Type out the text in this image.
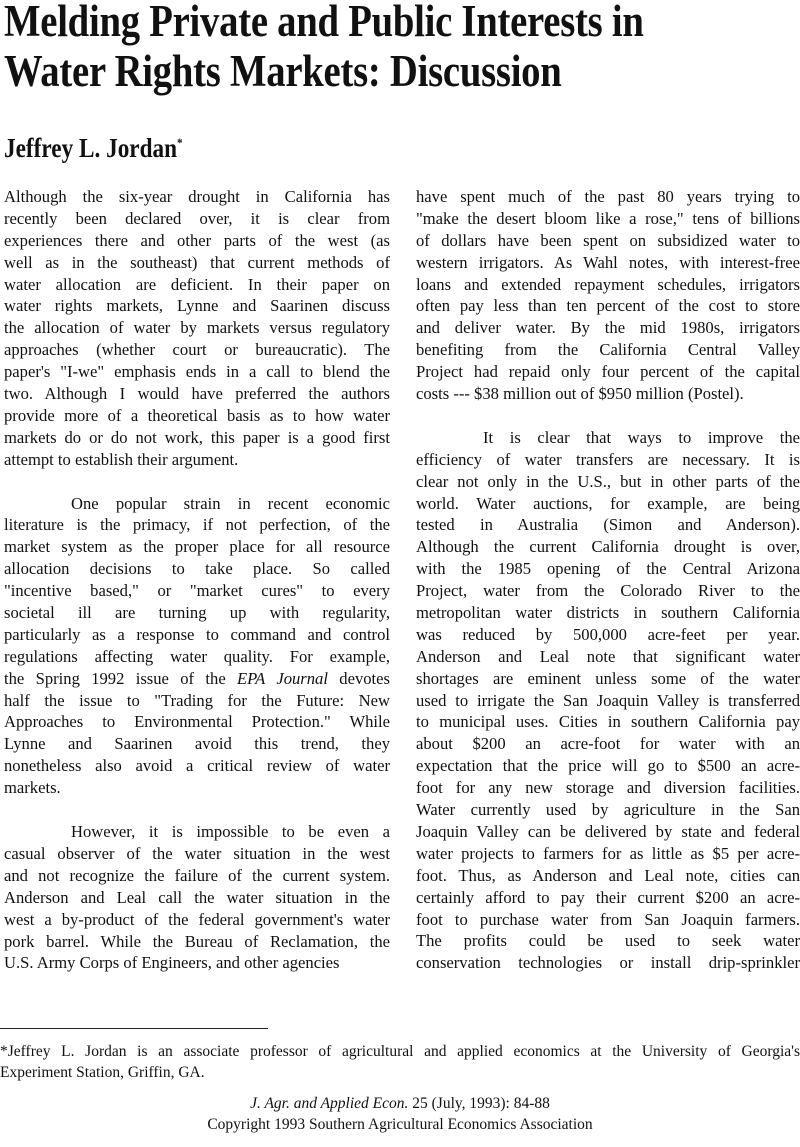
Melding Private and Public Interests in
Water Rights Markets: Discussion
Jeffrey L. Jordan*
Although the six-year drought in California has
recently been declared over, it is clear from
experiences there and other parts of the west (as
well as in the southeast) that current methods of
water allocation are deficient. In their paper on
water rights markets, Lynne and Saarinen discuss
the allocation of water by markets versus regulatory
approaches (whether court or bureaucratic). The
paper's "I-we" emphasis ends in a call to blend the
two. Although I would have preferred the authors
provide more of a theoretical basis as to how water
markets do or do not work, this paper is a good first
attempt to establish their argument.
One popular strain in recent economic
literature is the primacy, if not perfection, of the
market system as the proper place for all resource
allocation decisions to take place. So called
"incentive based," or "market cures" to every
societal ill are turning up with regularity,
particularly as a response to command and control
regulations affecting water quality. For example,
the Spring 1992 issue of the EPA Journal devotes
half the issue to "Trading for the Future: New
Approaches to Environmental Protection." While
Lynne and Saarinen avoid this trend, they
nonetheless also avoid a critical review of water
markets.
However, it is impossible to be even a
casual observer of the water situation in the west
and not recognize the failure of the current system.
Anderson and Leal call the water situation in the
west a by-product of the federal government's water
pork barrel. While the Bureau of Reclamation, the
U.S. Army Corps of Engineers, and other agencies
have spent much of the past 80 years trying to
"make the desert bloom like a rose," tens of billions
of dollars have been spent on subsidized water to
western irrigators. As Wahl notes, with interest-free
loans and extended repayment schedules, irrigators
often pay less than ten percent of the cost to store
and deliver water. By the mid 1980s, irrigators
benefiting from the California Central Valley
Project had repaid only four percent of the capital
costs --- $38 million out of $950 million (Postel).
It is clear that ways to improve the
efficiency of water transfers are necessary. It is
clear not only in the U.S., but in other parts of the
world. Water auctions, for example, are being
tested in Australia (Simon and Anderson).
Although the current California drought is over,
with the 1985 opening of the Central Arizona
Project, water from the Colorado River to the
metropolitan water districts in southern California
was reduced by 500,000 acre-feet per year.
Anderson and Leal note that significant water
shortages are eminent unless some of the water
used to irrigate the San Joaquin Valley is transferred
to municipal uses. Cities in southern California pay
about $200 an acre-foot for water with an
expectation that the price will go to $500 an acre-
foot for any new storage and diversion facilities.
Water currently used by agriculture in the San
Joaquin Valley can be delivered by state and federal
water projects to farmers for as little as $5 per acre-
foot. Thus, as Anderson and Leal note, cities can
certainly afford to pay their current $200 an acre-
foot to purchase water from San Joaquin farmers.
The profits could be used to seek water
conservation technologies or install drip-sprinkler
*Jeffrey L. Jordan is an associate professor of agricultural and applied economics at the University of Georgia's
Experiment Station, Griffin, GA.
J. Agr. and Applied Econ. 25 (July, 1993): 84-88
Copyright 1993 Southern Agricultural Economics Association
